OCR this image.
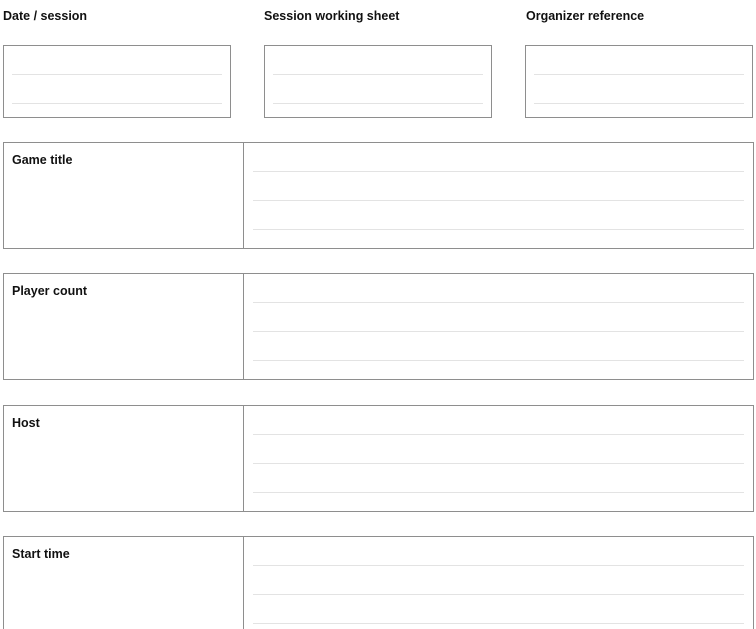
Date / session	Session working sheet	Organizer reference
Game title
Player count
Host
Start time
